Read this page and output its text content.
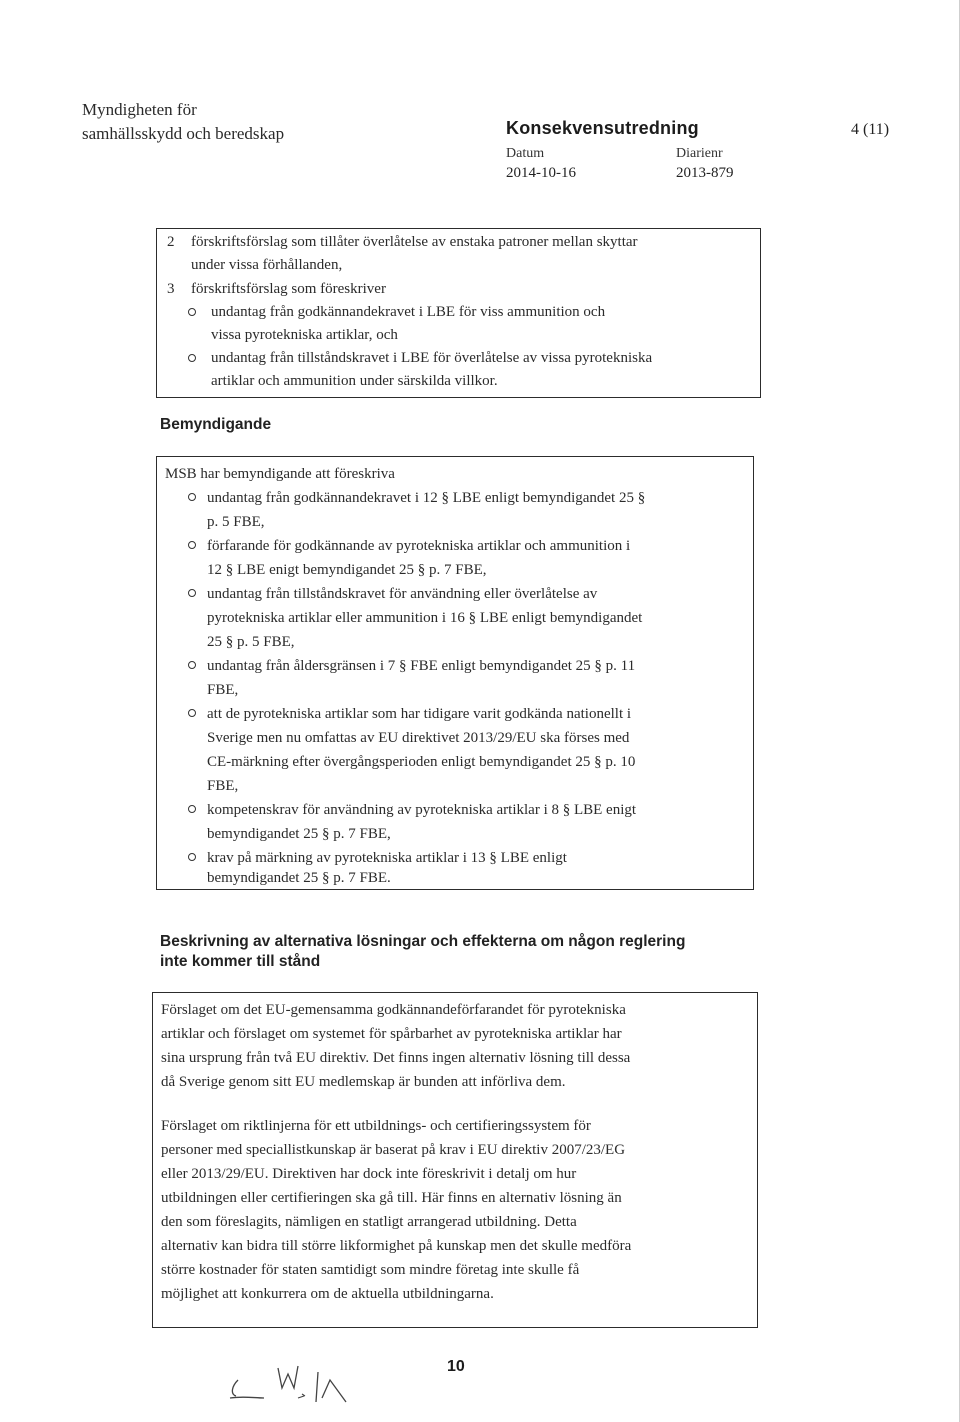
Myndigheten för
samhällsskydd och beredskap	Konsekvensutredning
Datum	Diarienr
2014-10-16	2013-879
4 (11)
2 förskriftsförslag som tillåter överlåtelse av enstaka patroner mellan skyttar
under vissa förhållanden,
3 förskriftsförslag som föreskriver
undantag från godkännandekravet i LBE för viss ammunition och
vissa pyrotekniska artiklar, och
undantag från tillståndskravet i LBE för överlåtelse av vissa pyrotekniska
artiklar och ammunition under särskilda villkor.
Bemyndigande
MSB har bemyndigande att föreskriva
undantag från godkännandekravet i 12 § LBE enligt bemyndigandet 25 §
p. 5 FBE,
förfarande för godkännande av pyrotekniska artiklar och ammunition i
12 § LBE enigt bemyndigandet 25 § p. 7 FBE,
undantag från tillståndskravet för användning eller överlåtelse av
pyrotekniska artiklar eller ammunition i 16 § LBE enligt bemyndigandet
25 § p. 5 FBE,
undantag från åldersgränsen i 7 § FBE enligt bemyndigandet 25 § p. 11
FBE,
att de pyrotekniska artiklar som har tidigare varit godkända nationellt i
Sverige men nu omfattas av EU direktivet 2013/29/EU ska förses med
CE-märkning efter övergångsperioden enligt bemyndigandet 25 § p. 10
FBE,
kompetenskrav för användning av pyrotekniska artiklar i 8 § LBE enigt
bemyndigandet 25 § p. 7 FBE,
krav på märkning av pyrotekniska artiklar i 13 § LBE enligt
bemyndigandet 25 § p. 7 FBE.
Beskrivning av alternativa lösningar och effekterna om någon reglering
inte kommer till stånd
Förslaget om det EU-gemensamma godkännandeförfarandet för pyrotekniska
artiklar och förslaget om systemet för spårbarhet av pyrotekniska artiklar har
sina ursprung från två EU direktiv. Det finns ingen alternativ lösning till dessa
då Sverige genom sitt EU medlemskap är bunden att införliva dem.
Förslaget om riktlinjerna för ett utbildnings- och certifieringssystem för
personer med speciallistkunskap är baserat på krav i EU direktiv 2007/23/EG
eller 2013/29/EU. Direktiven har dock inte föreskrivit i detalj om hur
utbildningen eller certifieringen ska gå till. Här finns en alternativ lösning än
den som föreslagits, nämligen en statligt arrangerad utbildning. Detta
alternativ kan bidra till större likformighet på kunskap men det skulle medföra
större kostnader för staten samtidigt som mindre företag inte skulle få
möjlighet att konkurrera om de aktuella utbildningarna.
10
